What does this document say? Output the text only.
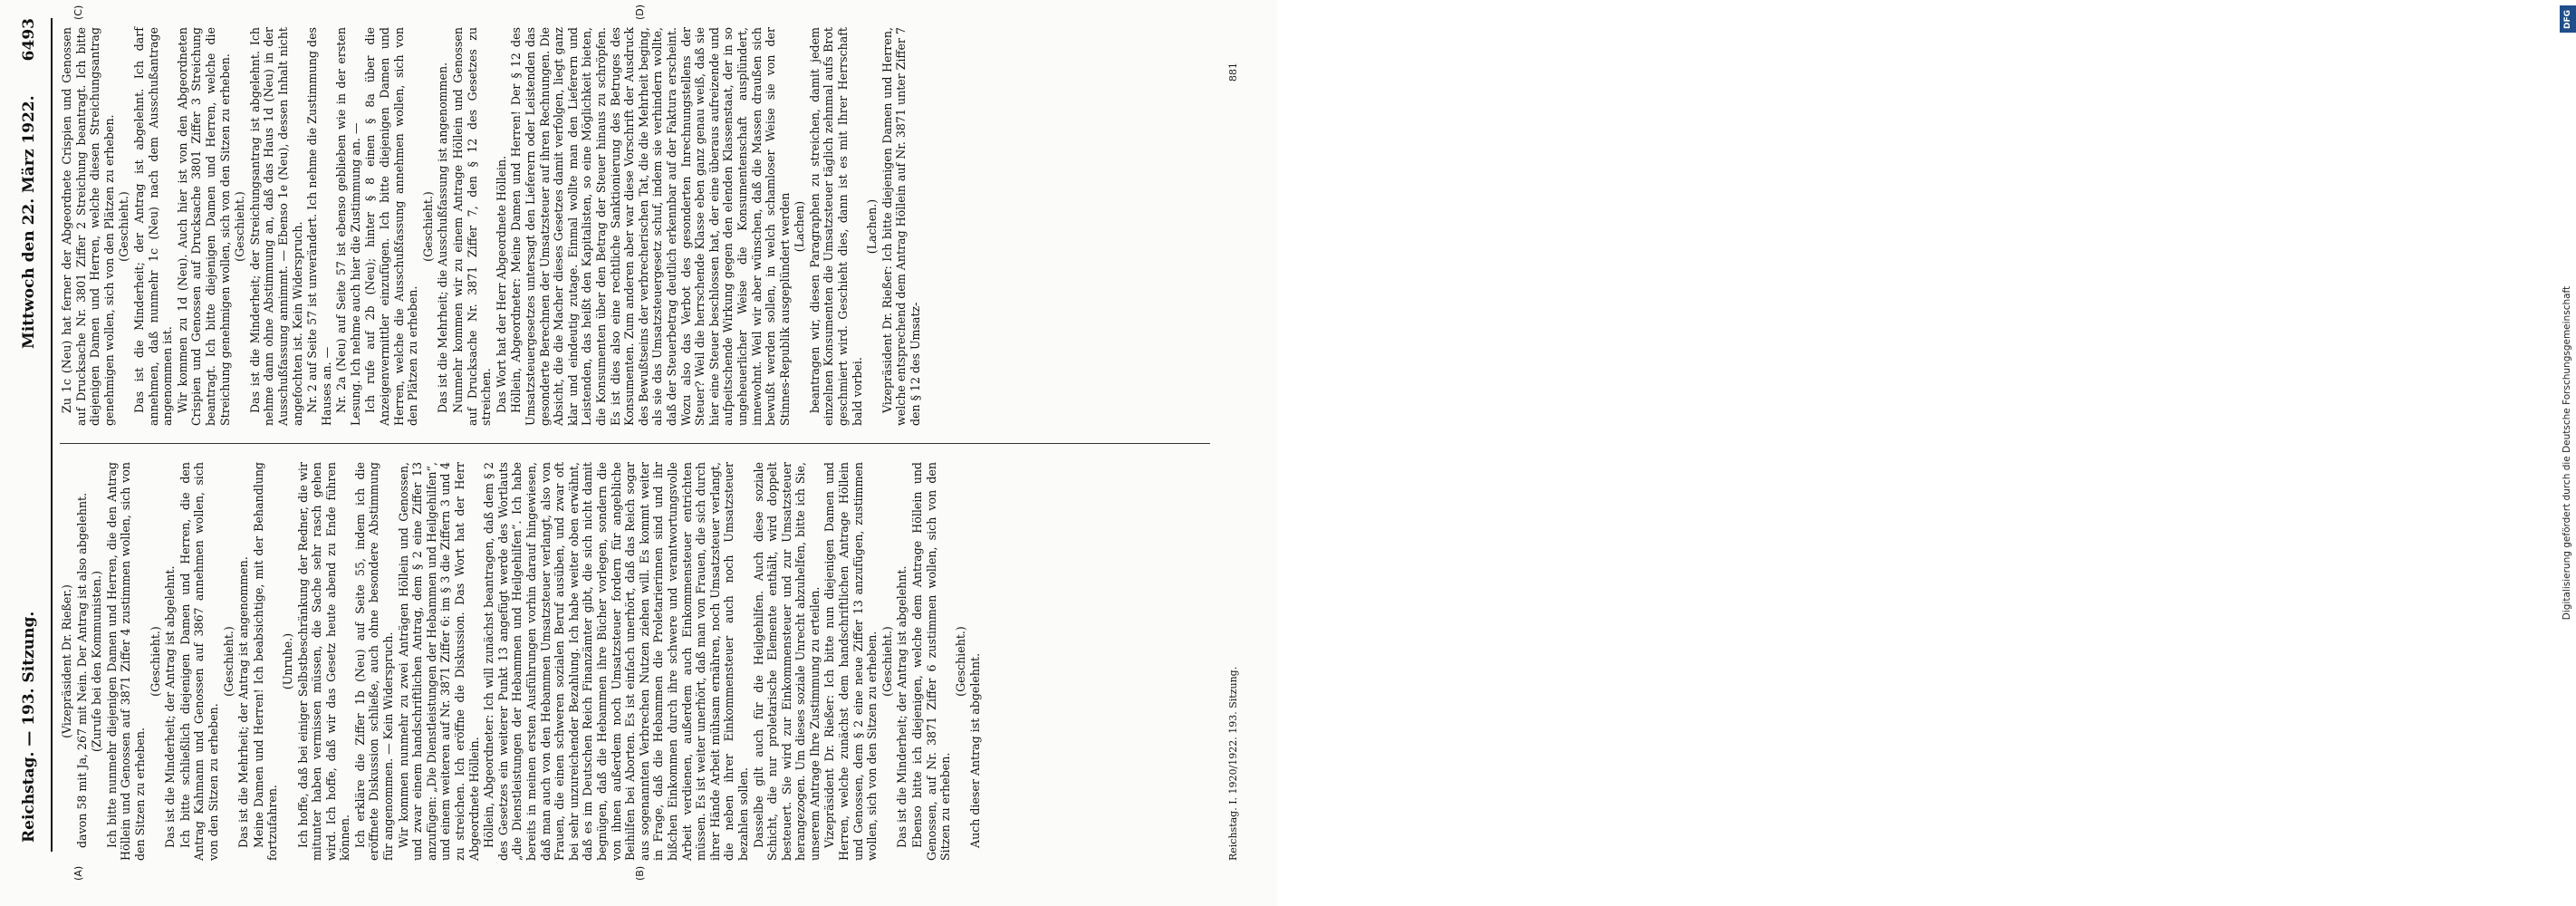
Reichstag. — 193. Sitzung.
Mittwoch den 22. März 1922.
6493
(A)	(B)
(C)	(D)

(Vizepräsident Dr. Rießer.) davon 58 mit Ja, 267 mit Nein. Der Antrag ist also abgelehnt. (Zurufe bei den Kommunisten.) Ich bitte nunmehr diejenigen Damen und Herren, die den Antrag Höllein und Genossen auf 3871 Ziffer 4 zustimmen wollen, sich von den Sitzen zu erheben.

(Geschieht.) Das ist die Minderheit; der Antrag ist abgelehnt. Ich bitte schließlich diejenigen Damen und Herren, die den Antrag Kahmann und Genossen auf 3867 annehmen wollen, sich von den Sitzen zu erheben.

(Geschieht.) Das ist die Mehrheit; der Antrag ist angenommen. Meine Damen und Herren! Ich beabsichtige, mit der Behandlung fortzufahren.

(Unruhe.) Ich hoffe, daß bei einiger Selbstbeschränkung der Redner, die wir mitunter haben vermissen müssen, die Sache sehr rasch gehen wird. Ich hoffe, daß wir das Gesetz heute abend zu Ende führen können. Ich erkläre die Ziffer 1b (Neu) auf Seite 55, indem ich die eröffnete Diskussion schließe, auch ohne besondere Abstimmung für angenommen. — Kein Widerspruch. Wir kommen nunmehr zu zwei Anträgen Höllein und Genossen, und zwar einem handschriftlichen Antrag, dem § 2 eine Ziffer 13 anzufügen: „Die Dienstleistungen der Hebammen und Heilgehilfen“, und einem weiteren auf Nr. 3871 Ziffer 6: im § 3 die Ziffern 3 und 4 zu streichen. Ich eröffne die Diskussion. Das Wort hat der Herr Abgeordnete Höllein. Höllein, Abgeordneter: Ich will zunächst beantragen, daß dem § 2 des Gesetzes ein weiterer Punkt 13 angefügt werde des Wortlauts „die Dienstleistungen der Hebammen und Heilgehilfen“. Ich habe bereits in meinen ersten Ausführungen vorhin darauf hingewiesen, daß man auch von den Hebammen Umsatzsteuer verlangt, also von Frauen, die einen schweren sozialen Beruf ausüben, und zwar oft bei sehr unzureichender Bezahlung. Ich habe weiter oben erwähnt, daß es im Deutschen Reich Finanzämter gibt, die sich nicht damit begnügen, daß die Hebammen ihre Bücher vorlegen, sondern die von ihnen außerdem noch Umsatzsteuer fordern für angebliche Beihilfen bei Aborten. Es ist einfach unerhört, daß das Reich sogar aus sogenannten Verbrechen Nutzen ziehen will. Es kommt weiter in Frage, daß die Hebammen die Proletarierinnen sind und ihr bißchen Einkommen durch ihre schwere und verantwortungsvolle Arbeit verdienen, außerdem auch Einkommensteuer entrichten müssen. Es ist weiter unerhört, daß man von Frauen, die sich durch ihrer Hände Arbeit mühsam ernähren, noch Umsatzsteuer verlangt, die neben ihrer Einkommensteuer auch noch Umsatzsteuer bezahlen sollen. Dasselbe gilt auch für die Heilgehilfen. Auch diese soziale Schicht, die nur proletarische Elemente enthält, wird doppelt besteuert. Sie wird zur Einkommensteuer und zur Umsatzsteuer herangezogen. Um dieses soziale Unrecht abzuhelfen, bitte ich Sie, unserem Antrage Ihre Zustimmung zu erteilen. Vizepräsident Dr. Rießer: Ich bitte nun diejenigen Damen und Herren, welche zunächst dem handschriftlichen Antrage Höllein und Genossen, dem § 2 eine neue Ziffer 13 anzufügen, zustimmen wollen, sich von den Sitzen zu erheben. (Geschieht.) Das ist die Minderheit; der Antrag ist abgelehnt. Ebenso bitte ich diejenigen, welche dem Antrage Höllein und Genossen, auf Nr. 3871 Ziffer 6 zustimmen wollen, sich von den Sitzen zu erheben.

(Geschieht.) Auch dieser Antrag ist abgelehnt.

Zu 1c (Neu) hat ferner der Abgeordnete Crispien und Genossen auf Drucksache Nr. 3801 Ziffer 2 Streichung beantragt. Ich bitte diejenigen Damen und Herren, welche diesen Streichungsantrag genehmigen wollen, sich von den Plätzen zu erheben. (Geschieht.) Das ist die Minderheit; der Antrag ist abgelehnt. Ich darf annehmen, daß nunmehr 1c (Neu) nach dem Ausschußantrage angenommen ist. Wir kommen zu 1d (Neu). Auch hier ist von den Abgeordneten Crispien und Genossen auf Drucksache 3801 Ziffer 3 Streichung beantragt. Ich bitte diejenigen Damen und Herren, welche die Streichung genehmigen wollen, sich von den Sitzen zu erheben. (Geschieht.) Das ist die Minderheit; der Streichungsantrag ist abgelehnt. Ich nehme dann ohne Abstimmung an, daß das Haus 1d (Neu) in der Ausschußfassung annimmt. — Ebenso 1e (Neu), dessen Inhalt nicht angefochten ist. Kein Widerspruch. Nr. 2 auf Seite 57 ist unverändert. Ich nehme die Zustimmung des Hauses an. — Nr. 2a (Neu) auf Seite 57 ist ebenso geblieben wie in der ersten Lesung. Ich nehme auch hier die Zustimmung an. — Ich rufe auf 2b (Neu); hinter § 8 einen § 8a über die Anzeigenvermittler einzufügen. Ich bitte diejenigen Damen und Herren, welche die Ausschußfassung annehmen wollen, sich von den Plätzen zu erheben.

(Geschieht.) Das ist die Mehrheit; die Ausschußfassung ist angenommen. Nunmehr kommen wir zu einem Antrage Höllein und Genossen auf Drucksache Nr. 3871 Ziffer 7, den § 12 des Gesetzes zu streichen. Das Wort hat der Herr Abgeordnete Höllein. Höllein, Abgeordneter: Meine Damen und Herren! Der § 12 des Umsatzsteuergesetzes untersagt den Lieferern oder Leistenden das gesonderte Berechnen der Umsatzsteuer auf ihren Rechnungen. Die Absicht, die die Macher dieses Gesetzes damit verfolgen, liegt ganz klar und eindeutig zutage. Einmal wollte man den Lieferern und Leistenden, das heißt den Kapitalisten, so eine Möglichkeit bieten, die Konsumenten über den Betrag der Steuer hinaus zu schröpfen. Es ist dies also eine rechtliche Sanktionierung des Betruges des Konsumenten. Zum anderen aber war diese Vorschrift der Ausdruck des Bewußtseins der verbrecherischen Tat, die die Mehrheit beging, als sie das Umsatzsteuergesetz schuf, indem sie verhindern wollte, daß der Steuerbetrag deutlich erkennbar auf der Faktura erscheint. Wozu also das Verbot des gesonderten Inrechnungstellens der Steuer? Weil die herrschende Klasse eben ganz genau weiß, daß sie hier eine Steuer beschlossen hat, der eine überaus aufreizende und aufpeitschende Wirkung gegen den elenden Klassenstaat, der in so ungeheuerlicher Weise die Konsumentenschaft ausplündert, innewohnt. Weil wir aber wünschen, daß die Massen draußen sich bewußt werden sollen, in welch schamloser Weise sie von der Stinnes-Republik ausgeplündert werden (Lachen) beantragen wir, diesen Paragraphen zu streichen, damit jedem einzelnen Konsumenten die Umsatzsteuer täglich zehnmal aufs Brot geschmiert wird. Geschieht dies, dann ist es mit Ihrer Herrschaft bald vorbei.

(Lachen.) Vizepräsident Dr. Rießer: Ich bitte diejenigen Damen und Herren, welche entsprechend dem Antrag Höllein auf Nr. 3871 unter Ziffer 7 den § 12 des Umsatz-

Reichstag. I. 1920/1922. 193. Sitzung.
881
DFG
Digitalisierung gefördert durch die Deutsche Forschungsgemeinschaft
